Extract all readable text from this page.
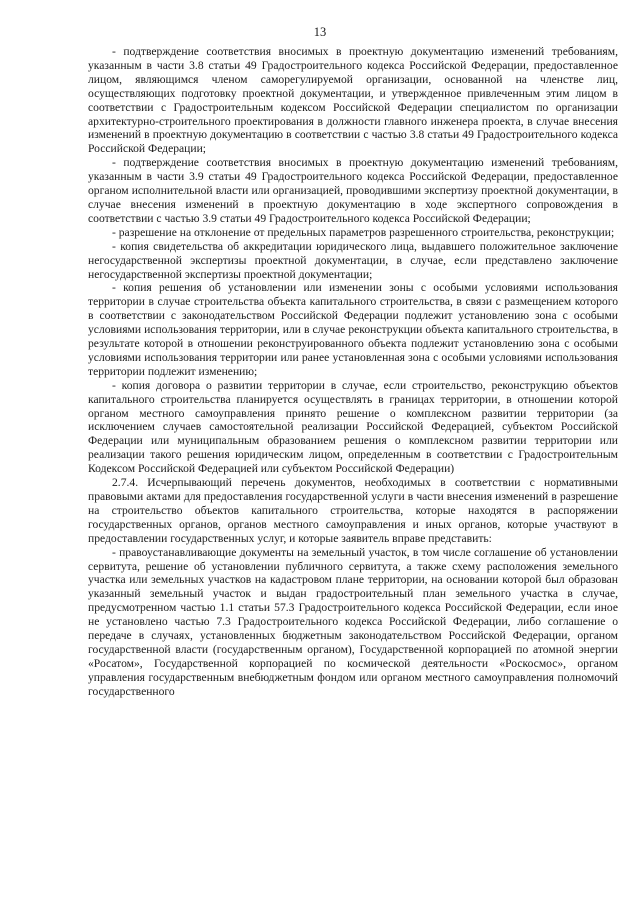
13

- подтверждение соответствия вносимых в проектную документацию изменений требованиям, указанным в части 3.8 статьи 49 Градостроительного кодекса Российской Федерации, предоставленное лицом, являющимся членом саморегулируемой организации, основанной на членстве лиц, осуществляющих подготовку проектной документации, и утвержденное привлеченным этим лицом в соответствии с Градостроительным кодексом Российской Федерации специалистом по организации архитектурно-строительного проектирования в должности главного инженера проекта, в случае внесения изменений в проектную документацию в соответствии с частью 3.8 статьи 49 Градостроительного кодекса Российской Федерации;

- подтверждение соответствия вносимых в проектную документацию изменений требованиям, указанным в части 3.9 статьи 49 Градостроительного кодекса Российской Федерации, предоставленное органом исполнительной власти или организацией, проводившими экспертизу проектной документации, в случае внесения изменений в проектную документацию в ходе экспертного сопровождения в соответствии с частью 3.9 статьи 49 Градостроительного кодекса Российской Федерации;

- разрешение на отклонение от предельных параметров разрешенного строительства, реконструкции;

- копия свидетельства об аккредитации юридического лица, выдавшего положительное заключение негосударственной экспертизы проектной документации, в случае, если представлено заключение негосударственной экспертизы проектной документации;

- копия решения об установлении или изменении зоны с особыми условиями использования территории в случае строительства объекта капитального строительства, в связи с размещением которого в соответствии с законодательством Российской Федерации подлежит установлению зона с особыми условиями использования территории, или в случае реконструкции объекта капитального строительства, в результате которой в отношении реконструированного объекта подлежит установлению зона с особыми условиями использования территории или ранее установленная зона с особыми условиями использования территории подлежит изменению;

- копия договора о развитии территории в случае, если строительство, реконструкцию объектов капитального строительства планируется осуществлять в границах территории, в отношении которой органом местного самоуправления принято решение о комплексном развитии территории (за исключением случаев самостоятельной реализации Российской Федерацией, субъектом Российской Федерации или муниципальным образованием решения о комплексном развитии территории или реализации такого решения юридическим лицом, определенным в соответствии с Градостроительным Кодексом Российской Федерацией или субъектом Российской Федерации)

2.7.4. Исчерпывающий перечень документов, необходимых в соответствии с нормативными правовыми актами для предоставления государственной услуги в части внесения изменений в разрешение на строительство объектов капитального строительства, которые находятся в распоряжении государственных органов, органов местного самоуправления и иных органов, которые участвуют в предоставлении государственных услуг, и которые заявитель вправе представить:

- правоустанавливающие документы на земельный участок, в том числе соглашение об установлении сервитута, решение об установлении публичного сервитута, а также схему расположения земельного участка или земельных участков на кадастровом плане территории, на основании которой был образован указанный земельный участок и выдан градостроительный план земельного участка в случае, предусмотренном частью 1.1 статьи 57.3 Градостроительного кодекса Российской Федерации, если иное не установлено частью 7.3 Градостроительного кодекса Российской Федерации, либо соглашение о передаче в случаях, установленных бюджетным законодательством Российской Федерации, органом государственной власти (государственным органом), Государственной корпорацией по атомной энергии «Росатом», Государственной корпорацией по космической деятельности «Роскосмос», органом управления государственным внебюджетным фондом или органом местного самоуправления полномочий государственного
